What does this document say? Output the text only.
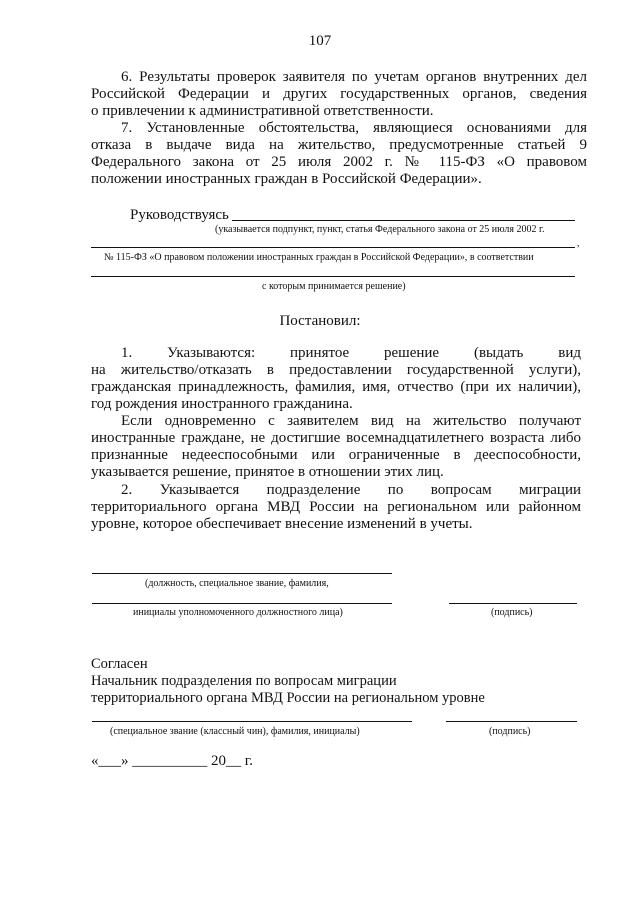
107
6. Результаты проверок заявителя по учетам органов внутренних дел
Российской Федерации и других государственных органов, сведения
о привлечении к административной ответственности.
7. Установленные обстоятельства, являющиеся основаниями для
отказа в выдаче вида на жительство, предусмотренные статьей 9
Федерального закона от 25 июля 2002 г. № 115-ФЗ «О правовом
положении иностранных граждан в Российской Федерации».
Руководствуясь
(указывается подпункт, пункт, статья Федерального закона от 25 июля 2002 г.
,
№ 115-ФЗ «О правовом положении иностранных граждан в Российской Федерации», в соответствии
с которым принимается решение)
Постановил:
1. Указываются: принятое решение (выдать вид
на жительство/отказать в предоставлении государственной услуги),
гражданская принадлежность, фамилия, имя, отчество (при их наличии),
год рождения иностранного гражданина.
Если одновременно с заявителем вид на жительство получают
иностранные граждане, не достигшие восемнадцатилетнего возраста либо
признанные недееспособными или ограниченные в дееспособности,
указывается решение, принятое в отношении этих лиц.
2. Указывается подразделение по вопросам миграции
территориального органа МВД России на региональном или районном
уровне, которое обеспечивает внесение изменений в учеты.
(должность, специальное звание, фамилия,
инициалы уполномоченного должностного лица)	(подпись)
Согласен
Начальник подразделения по вопросам миграции
территориального органа МВД России на региональном уровне
(специальное звание (классный чин), фамилия, инициалы)	(подпись)
«___» __________ 20__ г.
